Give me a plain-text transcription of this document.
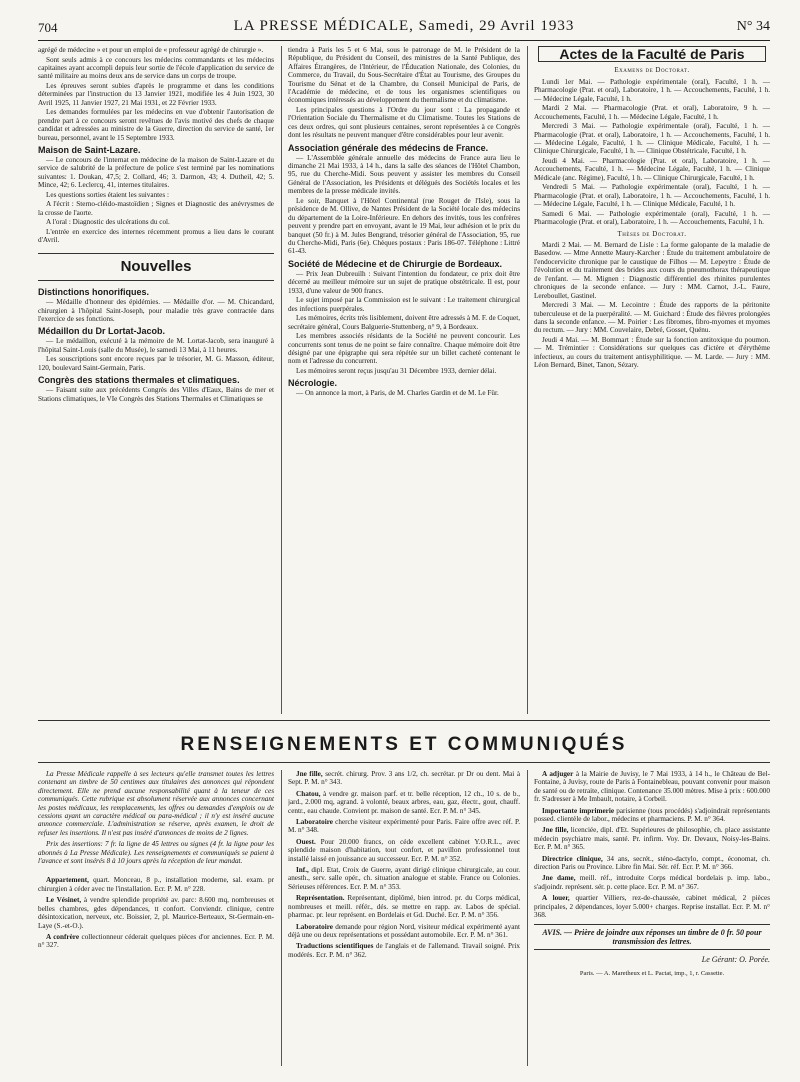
704	LA PRESSE MÉDICALE, Samedi, 29 Avril 1933	N° 34

agrégé de médecine » et pour un emploi de « professeur agrégé de chirurgie ».

Sont seuls admis à ce concours les médecins commandants et les médecins capitaines ayant accompli depuis leur sortie de l'école d'application du service de santé militaire au moins deux ans de service dans un corps de troupe.

Les épreuves seront subies d'après le programme et dans les conditions déterminées par l'instruction du 13 Janvier 1921, modifiée les 4 Juin 1923, 30 Avril 1925, 11 Janvier 1927, 21 Mai 1931, et 22 Février 1933.

Les demandes formulées par les médecins en vue d'obtenir l'autorisation de prendre part à ce concours seront revêtues de l'avis motivé des chefs de chaque candidat et adressées au ministre de la Guerre, direction du service de santé, 1er bureau, personnel, avant le 15 Septembre 1933.

Maison de Saint-Lazare.

— Le concours de l'internat en médecine de la maison de Saint-Lazare et du service de salubrité de la préfecture de police s'est terminé par les nominations suivantes: 1. Doukan, 47,5; 2. Collard, 46; 3. Darmon, 43; 4. Dutheil, 42; 5. Mince, 42; 6. Leclercq, 41, internes titulaires.

Les questions sorties étaient les suivantes :

A l'écrit : Sterno-cléido-mastoïdien ; Signes et Diagnostic des anévrysmes de la crosse de l'aorte.

A l'oral : Diagnostic des ulcérations du col.

L'entrée en exercice des internes récemment promus a lieu dans le courant d'Avril.

Nouvelles
Distinctions honorifiques.

— Médaille d'honneur des épidémies. — Médaille d'or. — M. Chicandard, chirurgien à l'hôpital Saint-Joseph, pour maladie très grave contractée dans l'exercice de ses fonctions.

Médaillon du Dr Lortat-Jacob.

— Le médaillon, exécuté à la mémoire de M. Lortat-Jacob, sera inauguré à l'hôpital Saint-Louis (salle du Musée), le samedi 13 Mai, à 11 heures.

Les souscriptions sont encore reçues par le trésorier, M. G. Masson, éditeur, 120, boulevard Saint-Germain, Paris.

Congrès des stations thermales et climatiques.

— Faisant suite aux précédents Congrès des Villes d'Eaux, Bains de mer et Stations climatiques, le VIe Congrès des Stations Thermales et Climatiques se

tiendra à Paris les 5 et 6 Mai, sous le patronage de M. le Président de la République, du Président du Conseil, des ministres de la Santé Publique, des Affaires Étrangères, de l'Intérieur, de l'Éducation Nationale, des Colonies, du Commerce, du Travail, du Sous-Secrétaire d'État au Tourisme, des Groupes du Tourisme du Sénat et de la Chambre, du Conseil Municipal de Paris, de l'Académie de médecine, et de tous les organismes scientifiques ou économiques intéressés au développement du thermalisme et du climatisme.

Les principales questions à l'Ordre du jour sont : La propagande et l'Orientation Sociale du Thermalisme et du Climatisme. Toutes les Stations de ces deux ordres, qui sont plusieurs centaines, seront représentées à ce Congrès dont les résultats ne peuvent manquer d'être considérables pour leur avenir.

Association générale des médecins de France.

— L'Assemblée générale annuelle des médecins de France aura lieu le dimanche 21 Mai 1933, à 14 h., dans la salle des séances de l'Hôtel Chambon, 95, rue du Cherche-Midi. Sous peuvent y assister les membres du Conseil Général de l'Association, les Présidents et délégués des Sociétés locales et les membres de la presse médicale invités.

Le soir, Banquet à l'Hôtel Continental (rue Rouget de l'Isle), sous la présidence de M. Ollive, de Nantes Président de la Société locale des médecins du département de la Loire-Inférieure. En dehors des invités, tous les confrères peuvent y prendre part en envoyant, avant le 19 Mai, leur adhésion et le prix du banquet (50 fr.) à M. Jules Bengrand, trésorier général de l'Association, 95, rue du Cherche-Midi, Paris (6e). Chèques postaux : Paris 186-07. Téléphone : Littré 61-43.

Société de Médecine et de Chirurgie de Bordeaux.

— Prix Jean Dubreuilh : Suivant l'intention du fondateur, ce prix doit être décerné au meilleur mémoire sur un sujet de pratique obstétricale. Il est, pour 1933, d'une valeur de 900 francs.

Le sujet imposé par la Commission est le suivant : Le traitement chirurgical des infections puerpérales.

Les mémoires, écrits très lisiblement, doivent être adressés à M. F. de Coquet, secrétaire général, Cours Balguerie-Stuttenberg, n° 9, à Bordeaux.

Les membres associés résidants de la Société ne peuvent concourir. Les concurrents sont tenus de ne point se faire connaître. Chaque mémoire doit être désigné par une épigraphe qui sera répétée sur un billet cacheté contenant le nom et l'adresse du concurrent.

Les mémoires seront reçus jusqu'au 31 Décembre 1933, dernier délai.

Nécrologie.

— On annonce la mort, à Paris, de M. Charles Gardin et de M. Le Für.

Actes de la Faculté de Paris
Examens de Doctorat.

Lundi 1er Mai. — Pathologie expérimentale (oral), Faculté, 1 h. — Pharmacologie (Prat. et oral), Laboratoire, 1 h. — Accouchements, Faculté, 1 h. — Médecine Légale, Faculté, 1 h.

Mardi 2 Mai. — Pharmacologie (Prat. et oral), Laboratoire, 9 h. — Accouchements, Faculté, 1 h. — Médecine Légale, Faculté, 1 h.

Mercredi 3 Mai. — Pathologie expérimentale (oral), Faculté, 1 h. — Pharmacologie (Prat. et oral), Laboratoire, 1 h. — Accouchements, Faculté, 1 h. — Médecine Légale, Faculté, 1 h. — Clinique Médicale, Faculté, 1 h. — Clinique Chirurgicale, Faculté, 1 h. — Clinique Obstétricale, Faculté, 1 h.

Jeudi 4 Mai. — Pharmacologie (Prat. et oral), Laboratoire, 1 h. — Accouchements, Faculté, 1 h. — Médecine Légale, Faculté, 1 h. — Clinique Médicale (anc. Régime), Faculté, 1 h. — Clinique Chirurgicale, Faculté, 1 h.

Vendredi 5 Mai. — Pathologie expérimentale (oral), Faculté, 1 h. — Pharmacologie (Prat. et oral), Laboratoire, 1 h. — Accouchements, Faculté, 1 h. — Médecine Légale, Faculté, 1 h. — Clinique Médicale, Faculté, 1 h.

Samedi 6 Mai. — Pathologie expérimentale (oral), Faculté, 1 h. — Pharmacologie (Prat. et oral), Laboratoire, 1 h. — Accouchements, Faculté, 1 h.

Thèses de Doctorat.

Mardi 2 Mai. — M. Bernard de Lisle : La forme galopante de la maladie de Basedow. — Mme Annette Maury-Karcher : Étude du traitement ambulatoire de l'endocervicite chronique par le caustique de Filhos — M. Lepeytre : Étude de l'évolution et du traitement des brides aux cours du pneumothorax thérapeutique de l'enfant. — M. Mignen : Diagnostic différentiel des rhinites purulentes chroniques de la seconde enfance. — Jury : MM. Carnot, J.-L. Faure, Lereboullet, Gastinel.

Mercredi 3 Mai. — M. Lecointre : Étude des rapports de la péritonite tuberculeuse et de la puerpéralité. — M. Guichard : Étude des fièvres prolongées dans la seconde enfance. — M. Poirier : Les fibromes, fibro-myomes et myomes du rectum. — Jury : MM. Couvelaire, Debré, Gosset, Quénu.

Jeudi 4 Mai. — M. Bommart : Étude sur la fonction antitoxique du poumon. — M. Trémintier : Considérations sur quelques cas d'ictère et d'érythème infectieux, au cours du traitement antisyphilitique. — M. Larde. — Jury : MM. Léon Bernard, Binet, Tanon, Sézary.

RENSEIGNEMENTS ET COMMUNIQUÉS

La Presse Médicale rappelle à ses lecteurs qu'elle transmet toutes les lettres contenant un timbre de 50 centimes aux titulaires des annonces qui répondent directement. Elle ne prend aucune responsabilité quant à la teneur de ces communiqués. Cette rubrique est absolument réservée aux annonces concernant les postes médicaux, les remplacements, les offres ou demandes d'emplois ou de cessions ayant un caractère médical ou para-médical ; il n'y est inséré aucune annonce commerciale. L'administration se réserve, après examen, le droit de refuser les insertions. Il n'est pas inséré d'annonces de moins de 2 lignes.

Prix des insertions: 7 fr. la ligne de 45 lettres ou signes (4 fr. la ligne pour les abonnés à La Presse Médicale). Les renseignements et communiqués se paient à l'avance et sont insérés 8 à 10 jours après la réception de leur mandat.

Appartement, quart. Monceau, 8 p., installation moderne, sal. exam. pr chirurgien à céder avec tte l'installation. Ecr. P. M. n° 228.

Le Vésinet, à vendre splendide propriété av. parc: 8.600 mq, nombreuses et belles chambres, gdes dépendances, tt confort. Conviendr. clinique, centre désintoxication, nerveux, etc. Boissier, 2, pl. Maurice-Berteaux, St-Germain-en-Laye (S.-et-O.).

A confrère collectionneur céderait quelques pièces d'or anciennes. Ecr. P. M. n° 327.

Jne fille, secrét. chirurg. Prov. 3 ans 1/2, ch. secrétar. pr Dr ou dent. Mai à Sept. P. M. n° 343.

Chatou, à vendre gr. maison parf. et tr. belle réception, 12 ch., 10 s. de b., jard., 2.000 mq, agrand. à volonté, beaux arbres, eau, gaz, électr., gout, chauff. centr., eau chaude. Convient pr. maison de santé. Ecr. P. M. n° 345.

Laboratoire cherche visiteur expérimenté pour Paris. Faire offre avec réf. P. M. n° 348.

Ouest. Pour 20.000 francs, on céde excellent cabinet Y.O.R.L., avec splendide maison d'habitation, tout confort, et pavillon professionnel tout installé laissé en jouissance au successeur. Ecr. P. M. n° 352.

Inf., dipl. Etat, Croix de Guerre, ayant dirigé clinique chirurgicale, au cour. anesth., serv. salle opér., ch. situation analogue et stable. France ou Colonies. Sérieuses références. Ecr. P. M. n° 353.

Représentation. Représentant, diplômé, bien introd. pr. du Corps médical, nombreuses et meill. référ., dés. se mettre en rapp. av. Labos de spécial. pharmac. pr. leur représent. en Bordelais et Gd. Duché. Ecr. P. M. n° 356.

Laboratoire demande pour région Nord, visiteur médical expérimenté ayant déjà une ou deux représentations et possédant automobile. Ecr. P. M. n° 361.

Traductions scientifiques de l'anglais et de l'allemand. Travail soigné. Prix modérés. Ecr. P. M. n° 362.

A adjuger à la Mairie de Juvisy, le 7 Mai 1933, à 14 h., le Château de Bel-Fontaine, à Juvisy, route de Paris à Fontainebleau, pouvant convenir pour maison de santé ou de retraite, clinique. Contenance 35.000 mètres. Mise à prix : 600.000 fr. S'adresser à Me Imbault, notaire, à Corbeil.

Importante imprimerie parisienne (tous procédés) s'adjoindrait représentants possed. clientèle de labor., médecins et pharmaciens. P. M. n° 364.

Jne fille, licenciée, dipl. d'Et. Supérieures de philosophie, ch. place assistante médecin psychiatre mais, santé. Pr. infirm. Voy. Dr. Devaux, Noisy-les-Bains. Ecr. P. M. n° 365.

Directrice clinique, 34 ans, secrét., sténo-dactylo, compt., économat, ch. direction Paris ou Province. Libre fin Mai. Sér. réf. Ecr. P. M. n° 366.

Jne dame, meill. réf., introduite Corps médical bordelais p. imp. labo., s'adjoindr. représent. sér. p. cette place. Ecr. P. M. n° 367.

A louer, quartier Villiers, rez-de-chaussée, cabinet médical, 2 pièces principales, 2 dépendances, loyer 5.000+ charges. Reprise installat. Ecr. P. M. n° 368.

AVIS. — Prière de joindre aux réponses un timbre de 0 fr. 50 pour transmission des lettres.
Le Gérant: O. Porée.
Paris. — A. Maretheux et L. Pactat, imp., 1, r. Cassette.
